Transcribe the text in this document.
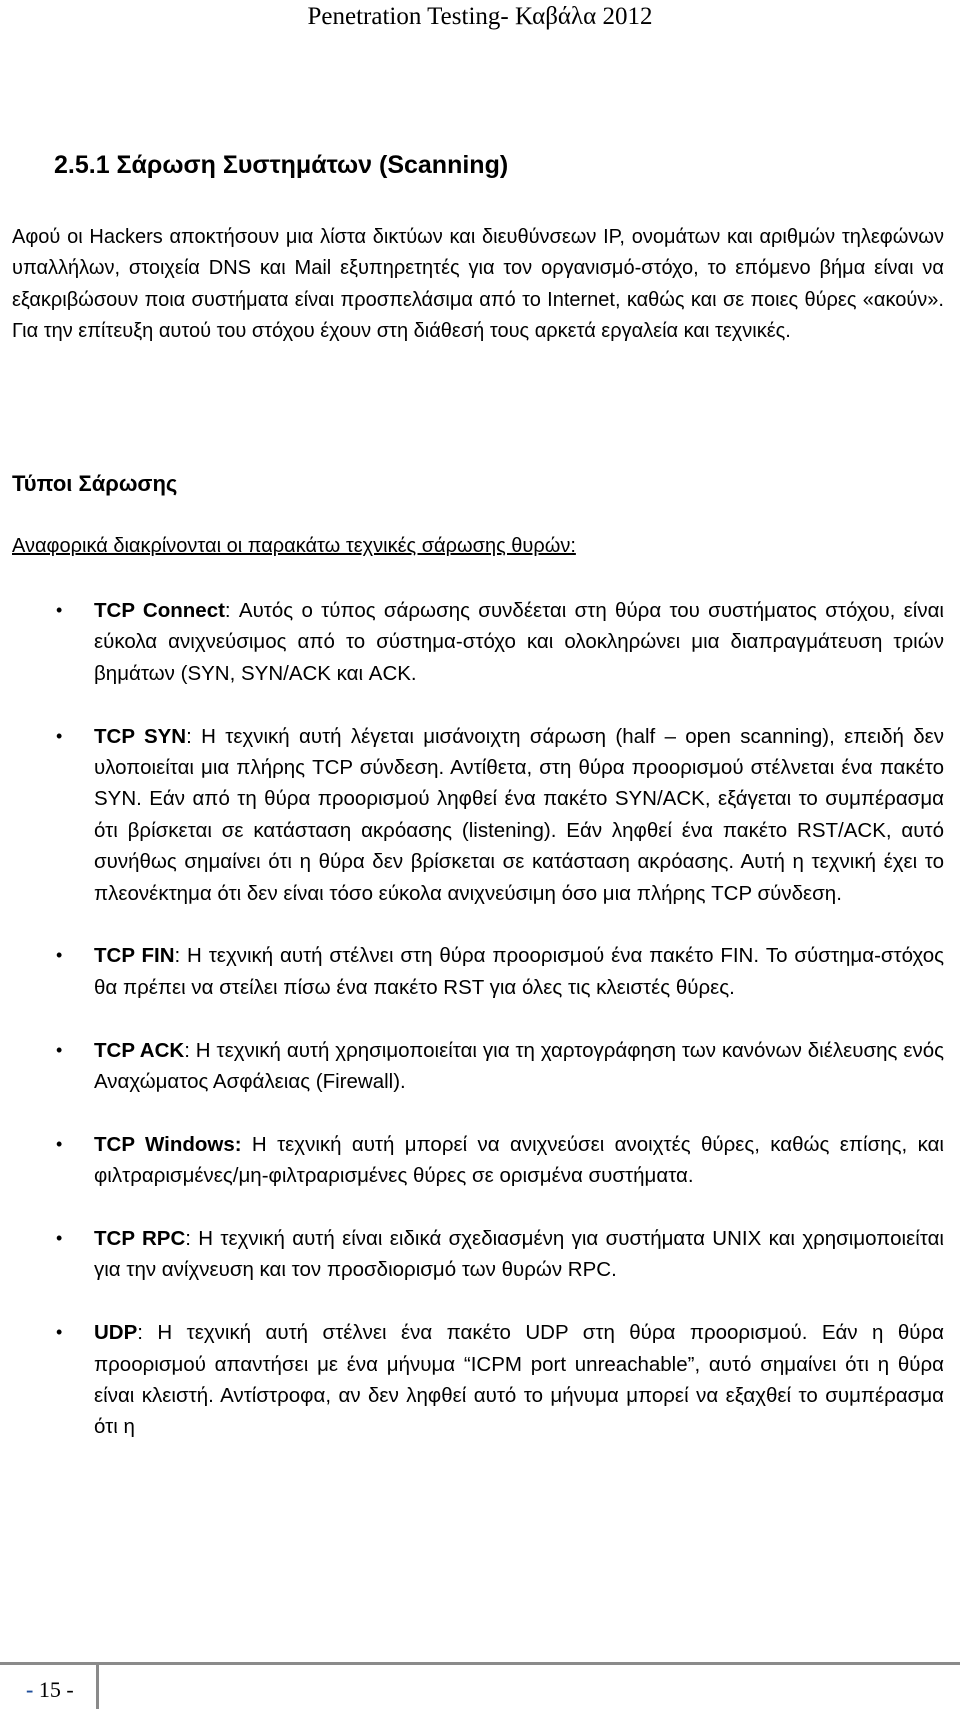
Penetration Testing- Καβάλα 2012
2.5.1 Σάρωση Συστημάτων (Scanning)
Αφού οι Hackers αποκτήσουν μια λίστα δικτύων και διευθύνσεων IP, ονομάτων και αριθμών τηλεφώνων υπαλλήλων, στοιχεία DNS και Mail εξυπηρετητές για τον οργανισμό-στόχο, το επόμενο βήμα είναι να εξακριβώσουν ποια συστήματα είναι προσπελάσιμα από το Internet, καθώς και σε ποιες θύρες «ακούν». Για την επίτευξη αυτού του στόχου έχουν στη διάθεσή τους αρκετά εργαλεία και τεχνικές.
Τύποι Σάρωσης
Αναφορικά διακρίνονται οι παρακάτω τεχνικές σάρωσης θυρών:
• TCP Connect: Αυτός ο τύπος σάρωσης συνδέεται στη θύρα του συστήματος στόχου, είναι εύκολα ανιχνεύσιμος από το σύστημα-στόχο και ολοκληρώνει μια διαπραγμάτευση τριών βημάτων (SYN, SYN/ACK και ACK.
• TCP SYN: Η τεχνική αυτή λέγεται μισάνοιχτη σάρωση (half – open scanning), επειδή δεν υλοποιείται μια πλήρης TCP σύνδεση. Αντίθετα, στη θύρα προορισμού στέλνεται ένα πακέτο SYN. Εάν από τη θύρα προορισμού ληφθεί ένα πακέτο SYN/ACK, εξάγεται το συμπέρασμα ότι βρίσκεται σε κατάσταση ακρόασης (listening). Εάν ληφθεί ένα πακέτο RST/ACK, αυτό συνήθως σημαίνει ότι η θύρα δεν βρίσκεται σε κατάσταση ακρόασης. Αυτή η τεχνική έχει το πλεονέκτημα ότι δεν είναι τόσο εύκολα ανιχνεύσιμη όσο μια πλήρης TCP σύνδεση.
• TCP FIN: Η τεχνική αυτή στέλνει στη θύρα προορισμού ένα πακέτο FIN. Το σύστημα-στόχος θα πρέπει να στείλει πίσω ένα πακέτο RST για όλες τις κλειστές θύρες.
• TCP ACK: Η τεχνική αυτή χρησιμοποιείται για τη χαρτογράφηση των κανόνων διέλευσης ενός Αναχώματος Ασφάλειας (Firewall).
• TCP Windows: Η τεχνική αυτή μπορεί να ανιχνεύσει ανοιχτές θύρες, καθώς επίσης, και φιλτραρισμένες/μη-φιλτραρισμένες θύρες σε ορισμένα συστήματα.
• TCP RPC: Η τεχνική αυτή είναι ειδικά σχεδιασμένη για συστήματα UNIX και χρησιμοποιείται για την ανίχνευση και τον προσδιορισμό των θυρών RPC.
• UDP: Η τεχνική αυτή στέλνει ένα πακέτο UDP στη θύρα προορισμού. Εάν η θύρα προορισμού απαντήσει με ένα μήνυμα “ICPM port unreachable”, αυτό σημαίνει ότι η θύρα είναι κλειστή. Αντίστροφα, αν δεν ληφθεί αυτό το μήνυμα μπορεί να εξαχθεί το συμπέρασμα ότι η
- 15 -
